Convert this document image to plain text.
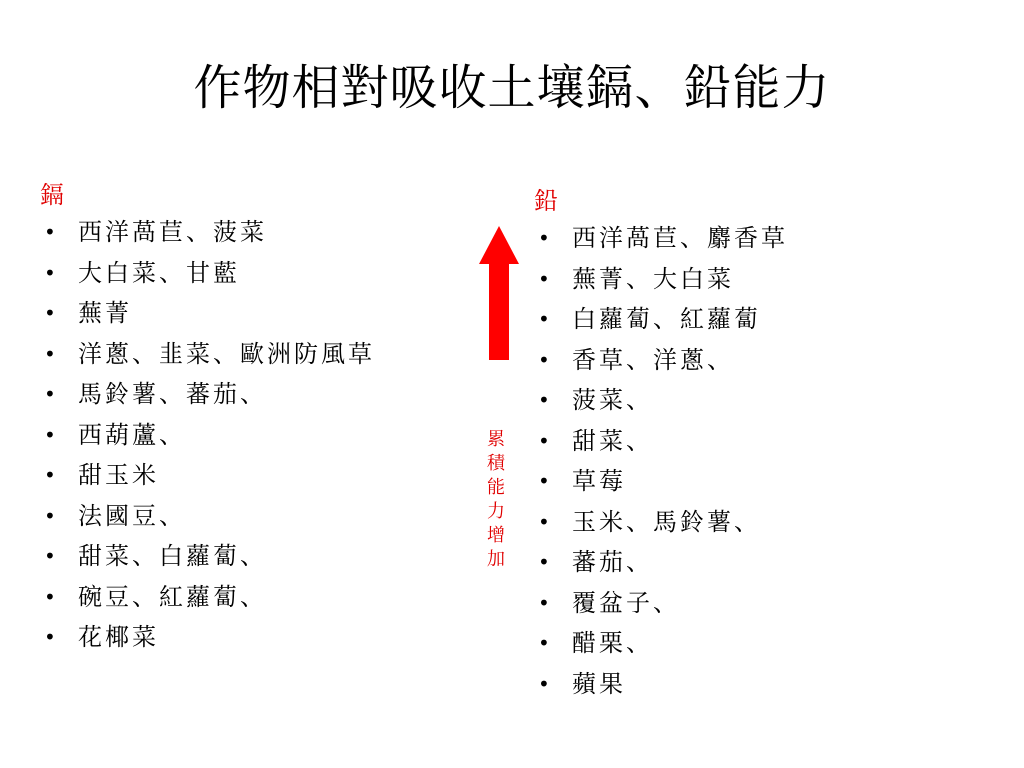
作物相對吸收土壤鎘、鉛能力
鎘
• 西洋萵苣、菠菜
• 大白菜、甘藍
• 蕪菁
• 洋蔥、韭菜、歐洲防風草
• 馬鈴薯、蕃茄、
• 西葫蘆、
• 甜玉米
• 法國豆、
• 甜菜、白蘿蔔、
• 碗豆、紅蘿蔔、
• 花椰菜
累
積
能
力
增
加
鉛
• 西洋萵苣、麝香草
• 蕪菁、大白菜
• 白蘿蔔、紅蘿蔔
• 香草、洋蔥、
• 菠菜、
• 甜菜、
• 草莓
• 玉米、馬鈴薯、
• 蕃茄、
• 覆盆子、
• 醋栗、
• 蘋果
